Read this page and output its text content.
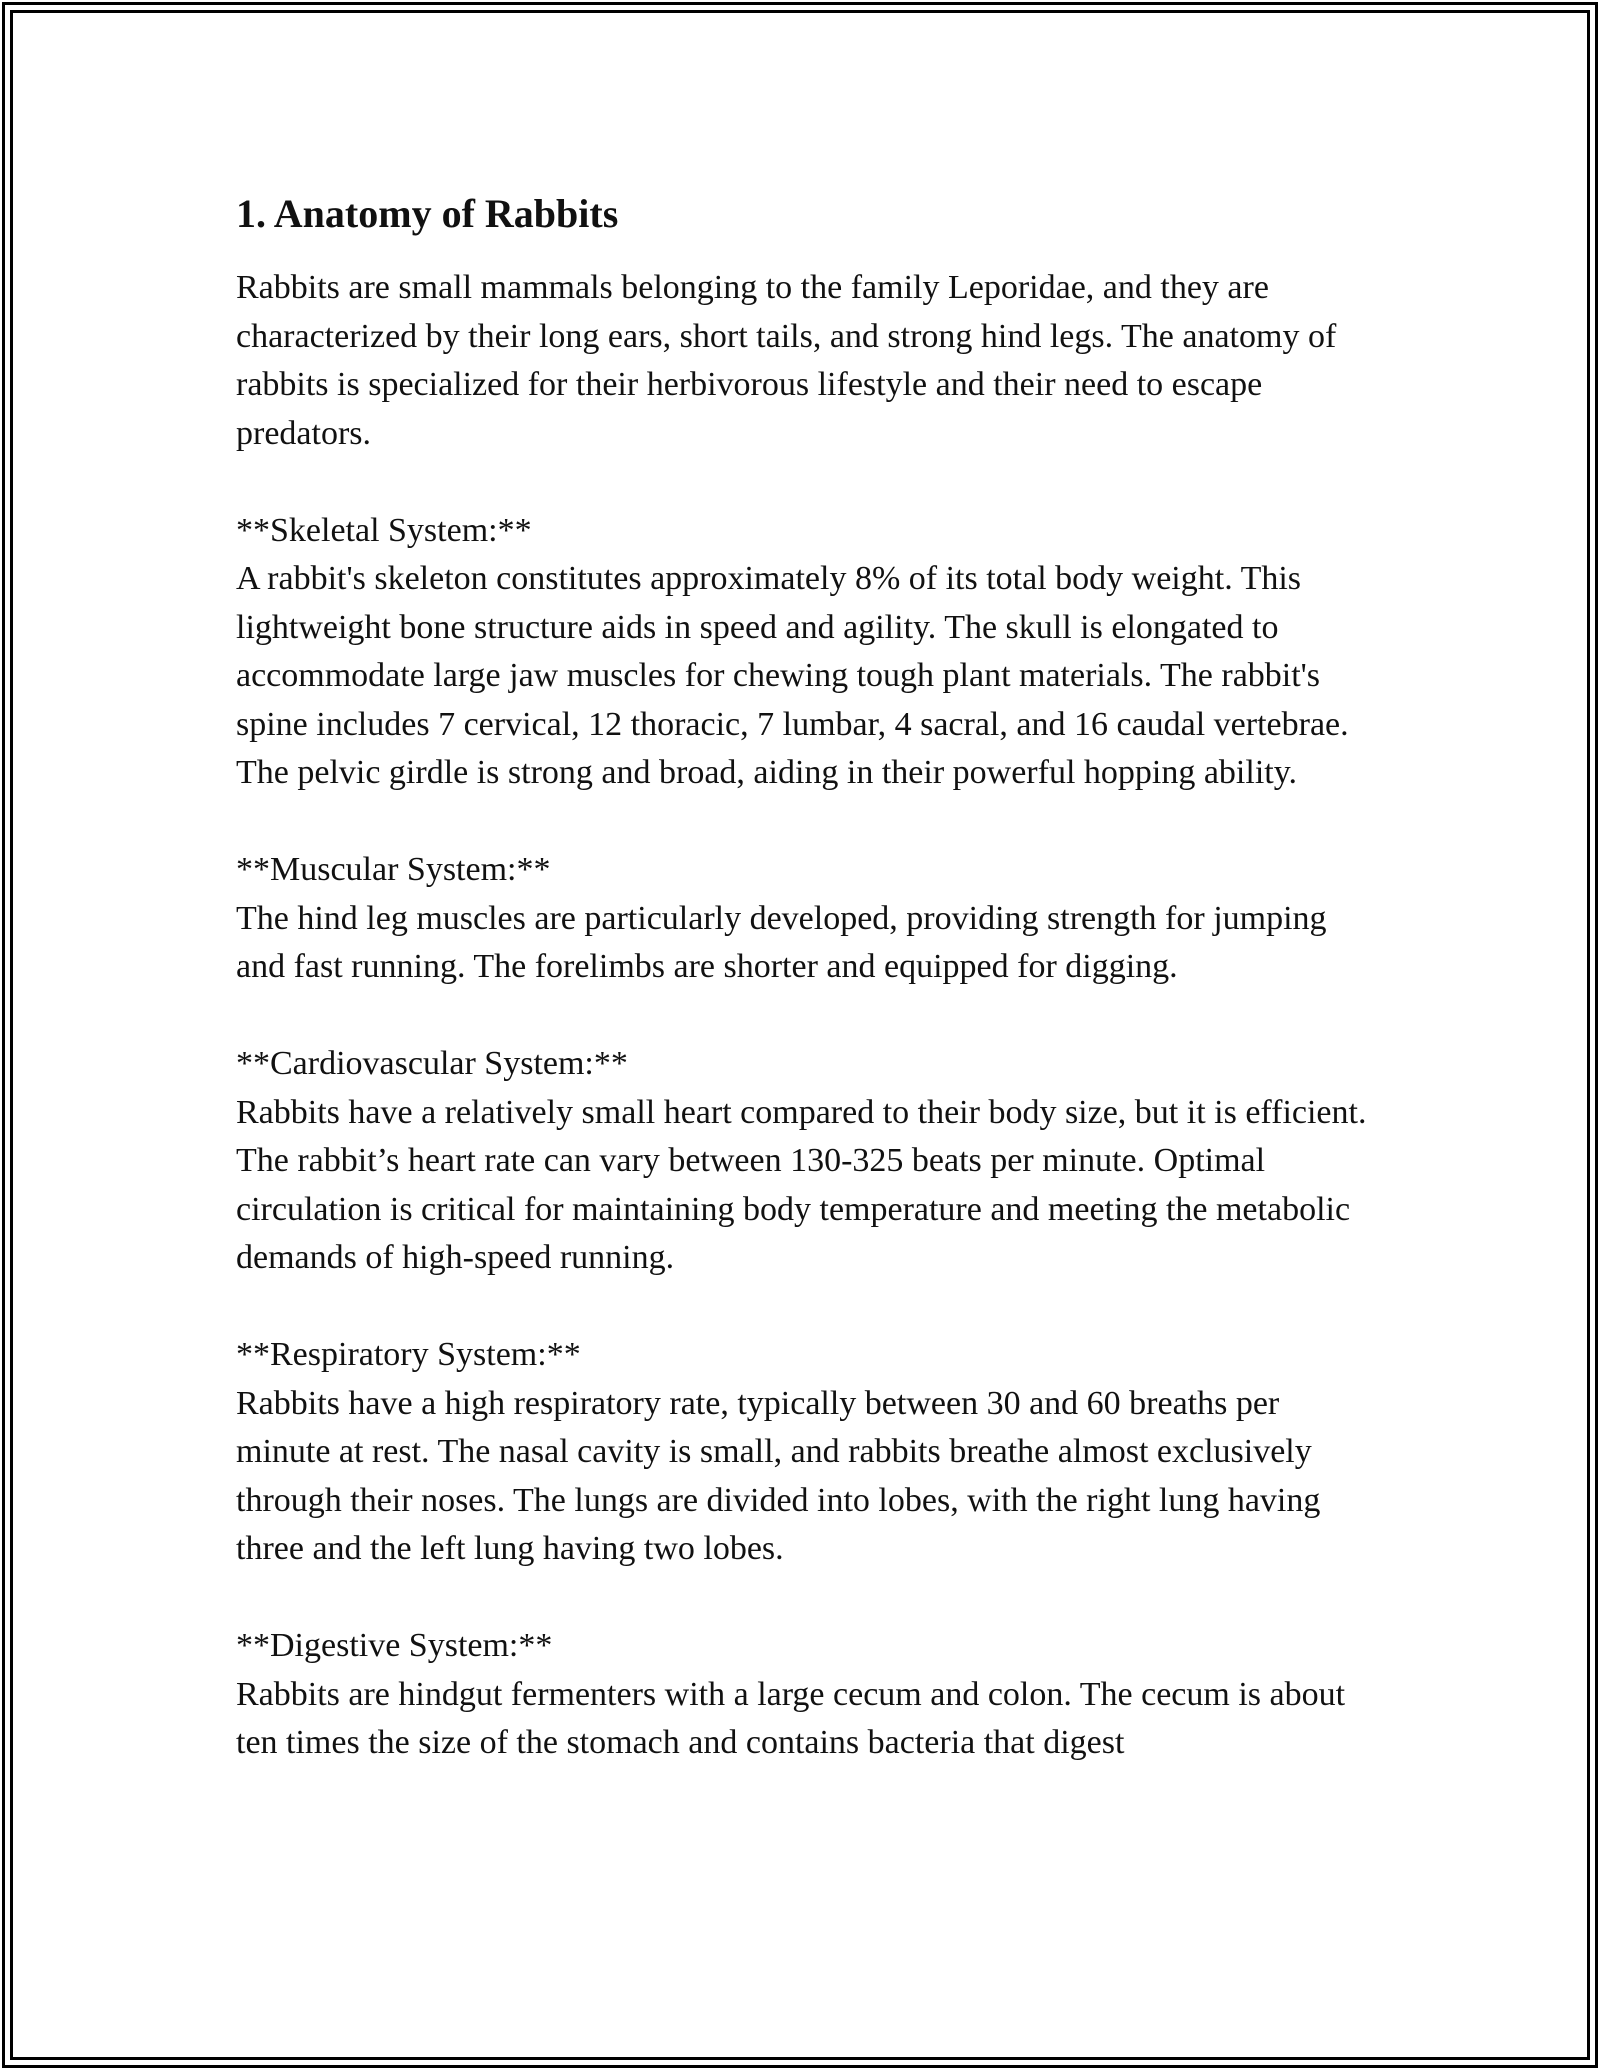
1. Anatomy of Rabbits

Rabbits are small mammals belonging to the family Leporidae, and they are characterized by their long ears, short tails, and strong hind legs. The anatomy of rabbits is specialized for their herbivorous lifestyle and their need to escape predators.

**Skeletal System:**
A rabbit's skeleton constitutes approximately 8% of its total body weight. This lightweight bone structure aids in speed and agility. The skull is elongated to accommodate large jaw muscles for chewing tough plant materials. The rabbit's spine includes 7 cervical, 12 thoracic, 7 lumbar, 4 sacral, and 16 caudal vertebrae. The pelvic girdle is strong and broad, aiding in their powerful hopping ability.

**Muscular System:**
The hind leg muscles are particularly developed, providing strength for jumping and fast running. The forelimbs are shorter and equipped for digging.

**Cardiovascular System:**
Rabbits have a relatively small heart compared to their body size, but it is efficient. The rabbit’s heart rate can vary between 130-325 beats per minute. Optimal circulation is critical for maintaining body temperature and meeting the metabolic demands of high-speed running.

**Respiratory System:**
Rabbits have a high respiratory rate, typically between 30 and 60 breaths per minute at rest. The nasal cavity is small, and rabbits breathe almost exclusively through their noses. The lungs are divided into lobes, with the right lung having three and the left lung having two lobes.

**Digestive System:**
Rabbits are hindgut fermenters with a large cecum and colon. The cecum is about ten times the size of the stomach and contains bacteria that digest
